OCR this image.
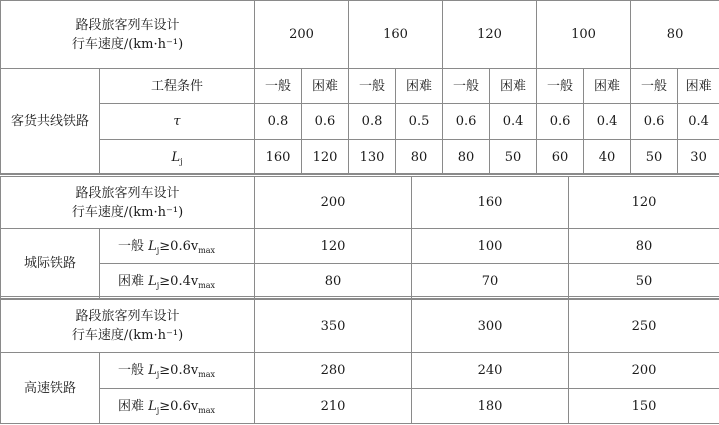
路段旅客列车设计
行车速度/(km·h⁻¹)		200		160		120		100		80	
客货共线铁路	工程条件	一般	困难	一般	困难	一般	困难	一般	困难	一般	困难
	τ	0.8	0.6	0.8	0.5	0.6	0.4	0.6	0.4	0.6	0.4
	$L_j$	160	120	130	80	80	50	60	40	50	30
路段旅客列车设计
行车速度/(km·h⁻¹)		200	160	120
城际铁路	一般 $L_j\ge 0.6v_{max}$	120	100	80
	困难 $L_j\ge 0.4v_{max}$	80	70	50
路段旅客列车设计
行车速度/(km·h⁻¹)		350	300	250
高速铁路	一般 $L_j\ge 0.8v_{max}$	280	240	200
	困难 $L_j\ge 0.6v_{max}$	210	180	150
